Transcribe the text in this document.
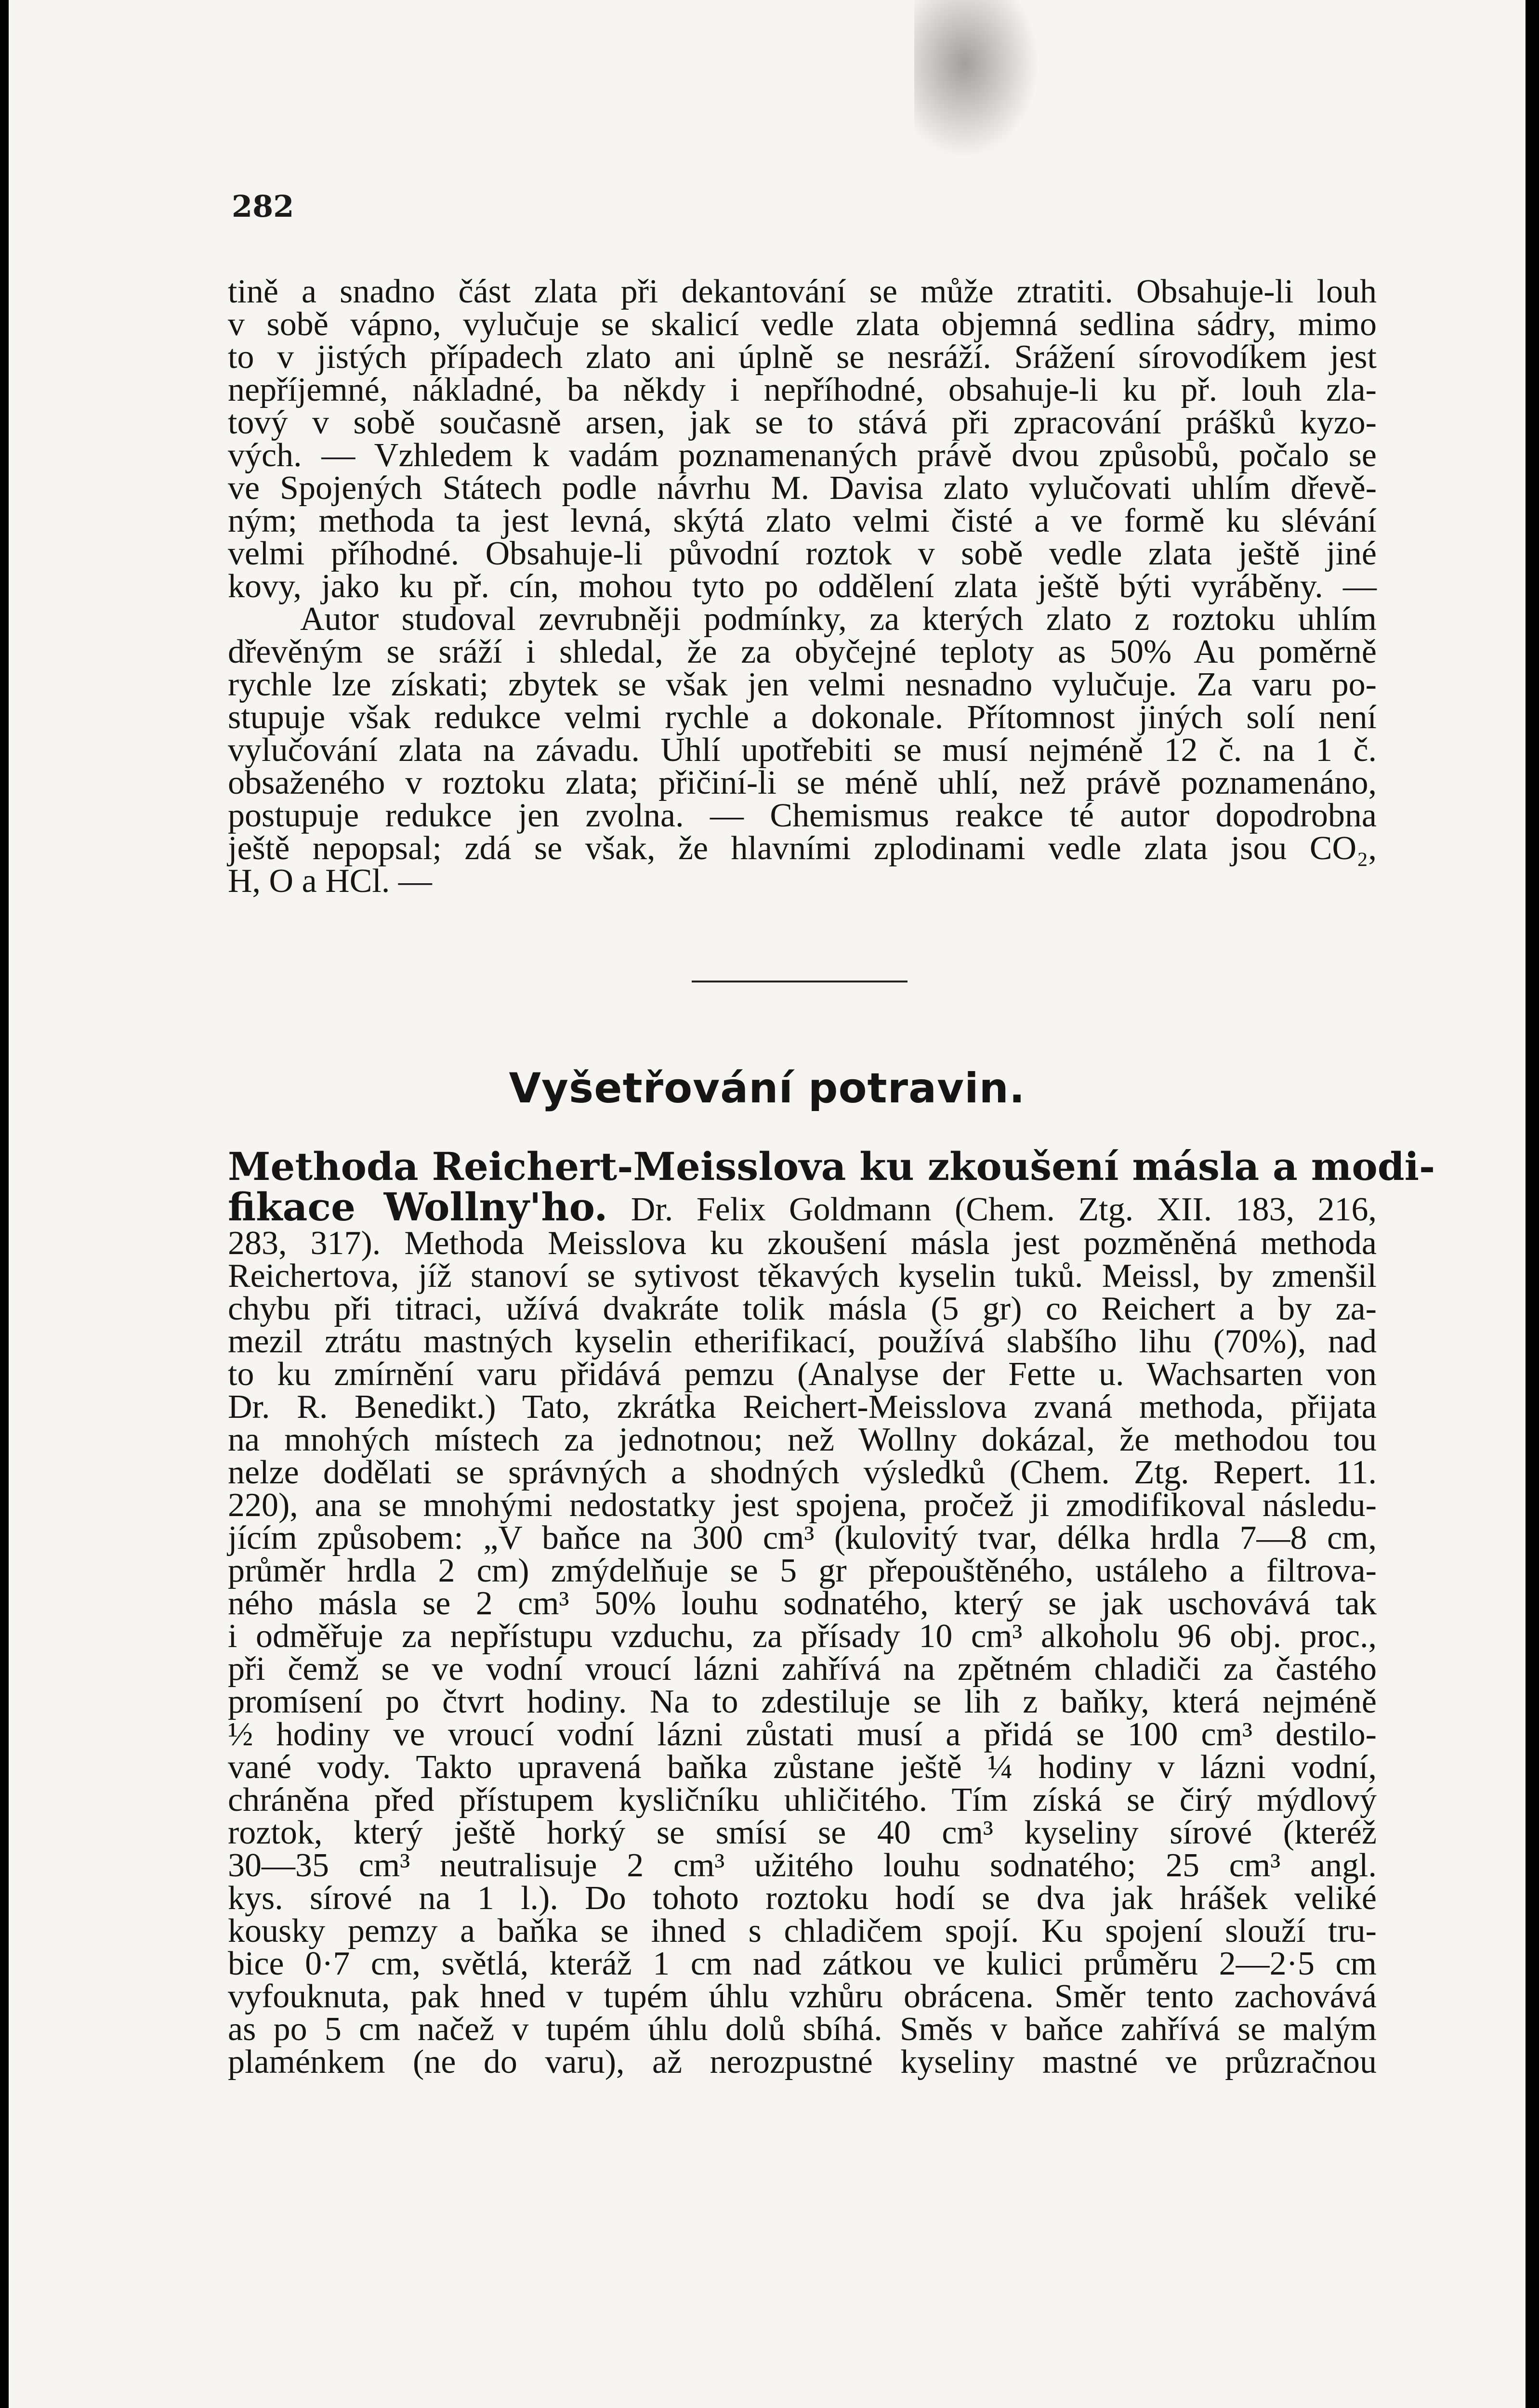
282
tině a snadno část zlata při dekantování se může ztratiti. Obsahuje-li louh
v sobě vápno, vylučuje se skalicí vedle zlata objemná sedlina sádry, mimo
to v jistých případech zlato ani úplně se nesráží. Srážení sírovodíkem jest
nepříjemné, nákladné, ba někdy i nepříhodné, obsahuje-li ku př. louh zla-
tový v sobě současně arsen, jak se to stává při zpracování prášků kyzo-
vých. — Vzhledem k vadám poznamenaných právě dvou způsobů, počalo se
ve Spojených Státech podle návrhu M. Davisa zlato vylučovati uhlím dřevě-
ným; methoda ta jest levná, skýtá zlato velmi čisté a ve formě ku slévání
velmi příhodné. Obsahuje-li původní roztok v sobě vedle zlata ještě jiné
kovy, jako ku př. cín, mohou tyto po oddělení zlata ještě býti vyráběny. —
Autor studoval zevrubněji podmínky, za kterých zlato z roztoku uhlím
dřevěným se sráží i shledal, že za obyčejné teploty as 50% Au poměrně
rychle lze získati; zbytek se však jen velmi nesnadno vylučuje. Za varu po-
stupuje však redukce velmi rychle a dokonale. Přítomnost jiných solí není
vylučování zlata na závadu. Uhlí upotřebiti se musí nejméně 12 č. na 1 č.
obsaženého v roztoku zlata; přičiní-li se méně uhlí, než právě poznamenáno,
postupuje redukce jen zvolna. — Chemismus reakce té autor dopodrobna
ještě nepopsal; zdá se však, že hlavními zplodinami vedle zlata jsou CO₂,
H, O a HCl. —
Vyšetřování potravin.
Methoda Reichert-Meisslova ku zkoušení másla a modi-
fikace Wollny'ho. Dr. Felix Goldmann (Chem. Ztg. XII. 183, 216,
283, 317). Methoda Meisslova ku zkoušení másla jest pozměněná methoda
Reichertova, jíž stanoví se sytivost těkavých kyselin tuků. Meissl, by zmenšil
chybu při titraci, užívá dvakráte tolik másla (5 gr) co Reichert a by za-
mezil ztrátu mastných kyselin etherifikací, používá slabšího lihu (70%), nad
to ku zmírnění varu přidává pemzu (Analyse der Fette u. Wachsarten von
Dr. R. Benedikt.) Tato, zkrátka Reichert-Meisslova zvaná methoda, přijata
na mnohých místech za jednotnou; než Wollny dokázal, že methodou tou
nelze dodělati se správných a shodných výsledků (Chem. Ztg. Repert. 11.
220), ana se mnohými nedostatky jest spojena, pročež ji zmodifikoval následu-
jícím způsobem: „V baňce na 300 cm³ (kulovitý tvar, délka hrdla 7—8 cm,
průměr hrdla 2 cm) zmýdelňuje se 5 gr přepouštěného, ustáleho a filtrova-
ného másla se 2 cm³ 50% louhu sodnatého, který se jak uschovává tak
i odměřuje za nepřístupu vzduchu, za přísady 10 cm³ alkoholu 96 obj. proc.,
při čemž se ve vodní vroucí lázni zahřívá na zpětném chladiči za častého
promísení po čtvrt hodiny. Na to zdestiluje se lih z baňky, která nejméně
½ hodiny ve vroucí vodní lázni zůstati musí a přidá se 100 cm³ destilo-
vané vody. Takto upravená baňka zůstane ještě ¼ hodiny v lázni vodní,
chráněna před přístupem kysličníku uhličitého. Tím získá se čirý mýdlový
roztok, který ještě horký se smísí se 40 cm³ kyseliny sírové (kteréž
30—35 cm³ neutralisuje 2 cm³ užitého louhu sodnatého; 25 cm³ angl.
kys. sírové na 1 l.). Do tohoto roztoku hodí se dva jak hrášek veliké
kousky pemzy a baňka se ihned s chladičem spojí. Ku spojení slouží tru-
bice 0·7 cm, světlá, kteráž 1 cm nad zátkou ve kulici průměru 2—2·5 cm
vyfouknuta, pak hned v tupém úhlu vzhůru obrácena. Směr tento zachovává
as po 5 cm načež v tupém úhlu dolů sbíhá. Směs v baňce zahřívá se malým
plaménkem (ne do varu), až nerozpustné kyseliny mastné ve průzračnou
